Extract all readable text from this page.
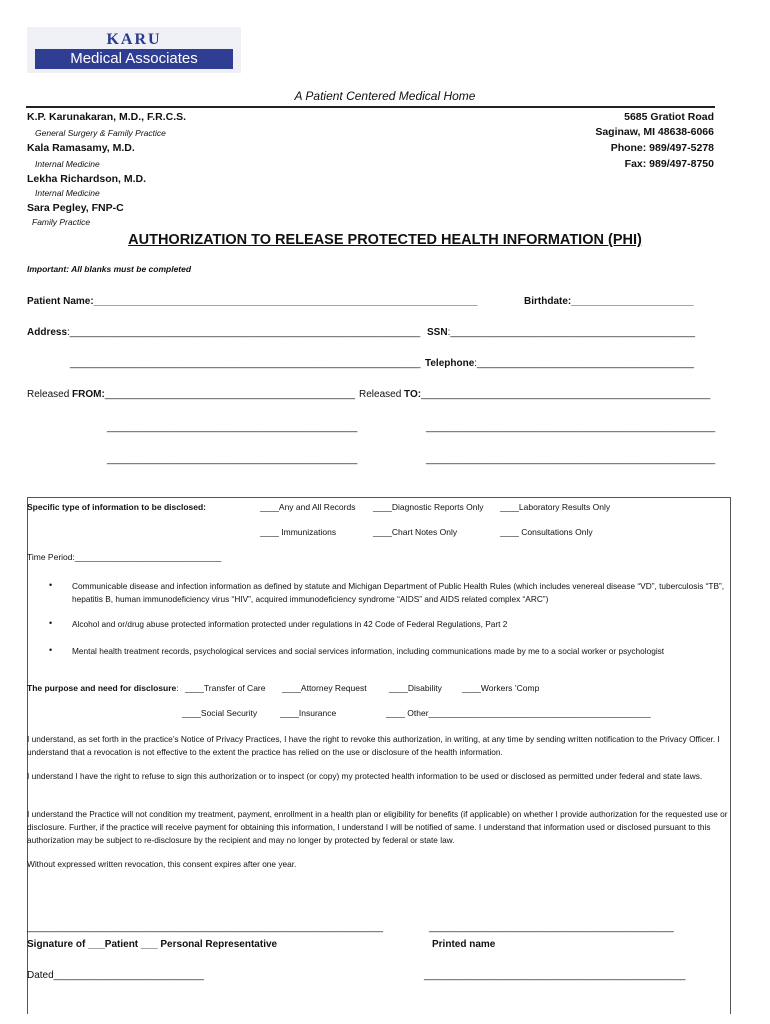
KARU
Medical Associates
A Patient Centered Medical Home
K.P. Karunakaran, M.D., F.R.C.S.
General Surgery & Family Practice
Kala Ramasamy, M.D.
Internal Medicine
Lekha Richardson, M.D.
Internal Medicine
Sara Pegley, FNP-C
Family Practice
5685 Gratiot Road
Saginaw, MI 48638-6066
Phone: 989/497-5278
Fax: 989/497-8750
AUTHORIZATION TO RELEASE PROTECTED HEALTH INFORMATION (PHI)
Important: All blanks must be completed
Patient Name:_____________________________________________________________________	Birthdate:______________________
Address:_______________________________________________________________ SSN:____________________________________________
_______________________________________________________________ Telephone:_______________________________________
Released FROM:_____________________________________________ Released TO:____________________________________________________
_____________________________________________	____________________________________________________
_____________________________________________	____________________________________________________
Specific type of information to be disclosed:	____Any and All Records ____Diagnostic Reports Only ____Laboratory Results Only
____ Immunizations	____Chart Notes Only	____ Consultations Only
Time Period:_______________________________
• Communicable disease and infection information as defined by statute and Michigan Department of Public Health Rules (which includes venereal disease “VD”, tuberculosis “TB”, hepatitis B, human immunodeficiency virus “HIV”, acquired immunodeficiency syndrome “AIDS” and AIDS related complex “ARC”)
• Alcohol and or/drug abuse protected information protected under regulations in 42 Code of Federal Regulations, Part 2
• Mental health treatment records, psychological services and social services information, including communications made by me to a social worker or psychologist
The purpose and need for disclosure: ____Transfer of Care ____Attorney Request	____Disability ____Workers ’Comp
____Social Security	____Insurance	____ Other_______________________________________________
I understand, as set forth in the practice’s Notice of Privacy Practices, I have the right to revoke this authorization, in writing, at any time by sending written notification to the Privacy Officer. I understand that a revocation is not effective to the extent the practice has relied on the use or disclosure of the health information.
I understand I have the right to refuse to sign this authorization or to inspect (or copy) my protected health information to be used or disclosed as permitted under federal and state laws.
I understand the Practice will not condition my treatment, payment, enrollment in a health plan or eligibility for benefits (if applicable) on whether I provide authorization for the requested use or disclosure. Further, if the practice will receive payment for obtaining this information, I understand I will be notified of same. I understand that information used or disclosed pursuant to this authorization may be subject to re-disclosure by the recipient and may no longer by protected by federal or state law.
Without expressed written revocation, this consent expires after one year.
________________________________________________________________	____________________________________________
Signature of ___Patient ___ Personal Representative	Printed name
Dated___________________________	_______________________________________________
